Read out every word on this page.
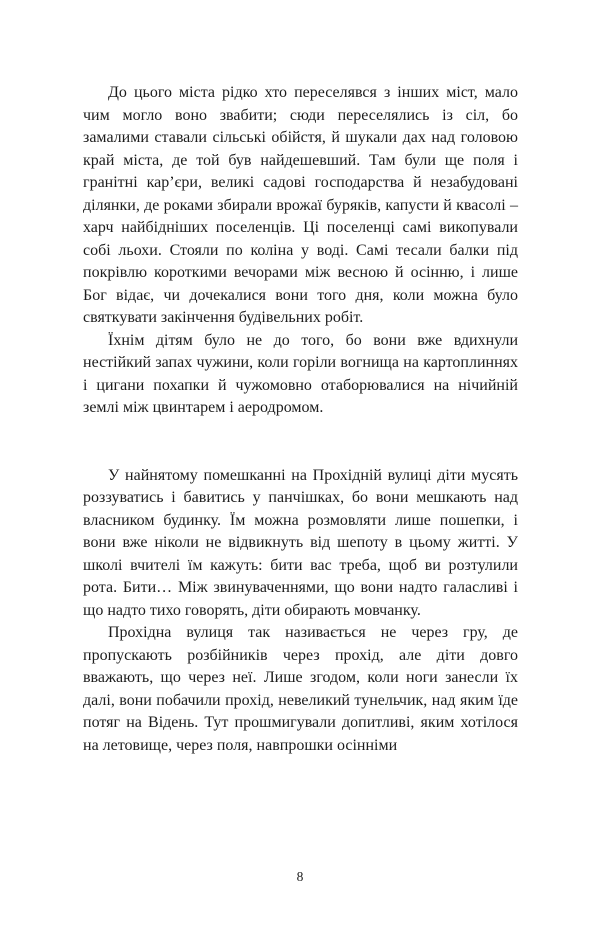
До цього міста рідко хто переселявся з інших міст, мало чим могло воно звабити; сюди переселялись із сіл, бо замалими ставали сільські обійстя, й шукали дах над головою край міста, де той був найдешевший. Там були ще поля і гранітні кар’єри, великі садові господарства й незабудовані ділянки, де роками збирали врожаї буряків, капусти й квасолі – харч найбідніших поселенців. Ці поселенці самі викопували собі льохи. Стояли по коліна у воді. Самі тесали балки під покрівлю короткими вечорами між весною й осінню, і лише Бог відає, чи дочекалися вони того дня, коли можна було святкувати закінчення будівельних робіт.

Їхнім дітям було не до того, бо вони вже вдихнули нестійкий запах чужини, коли горіли вогнища на картоплиннях і цигани похапки й чужомовно отаборювалися на нічийній землі між цвинтарем і аеродромом.

У найнятому помешканні на Прохідній вулиці діти мусять роззуватись і бавитись у панчішках, бо вони мешкають над власником будинку. Їм можна розмовляти лише пошепки, і вони вже ніколи не відвикнуть від шепоту в цьому житті. У школі вчителі їм кажуть: бити вас треба, щоб ви розтулили рота. Бити… Між звинуваченнями, що вони надто галасливі і що надто тихо говорять, діти обирають мовчанку.

Прохідна вулиця так називається не через гру, де пропускають розбійників через прохід, але діти довго вважають, що через неї. Лише згодом, коли ноги занесли їх далі, вони побачили прохід, невеликий тунельчик, над яким їде потяг на Відень. Тут прошмигували допитливі, яким хотілося на летовище, через поля, навпрошки осінніми

8
